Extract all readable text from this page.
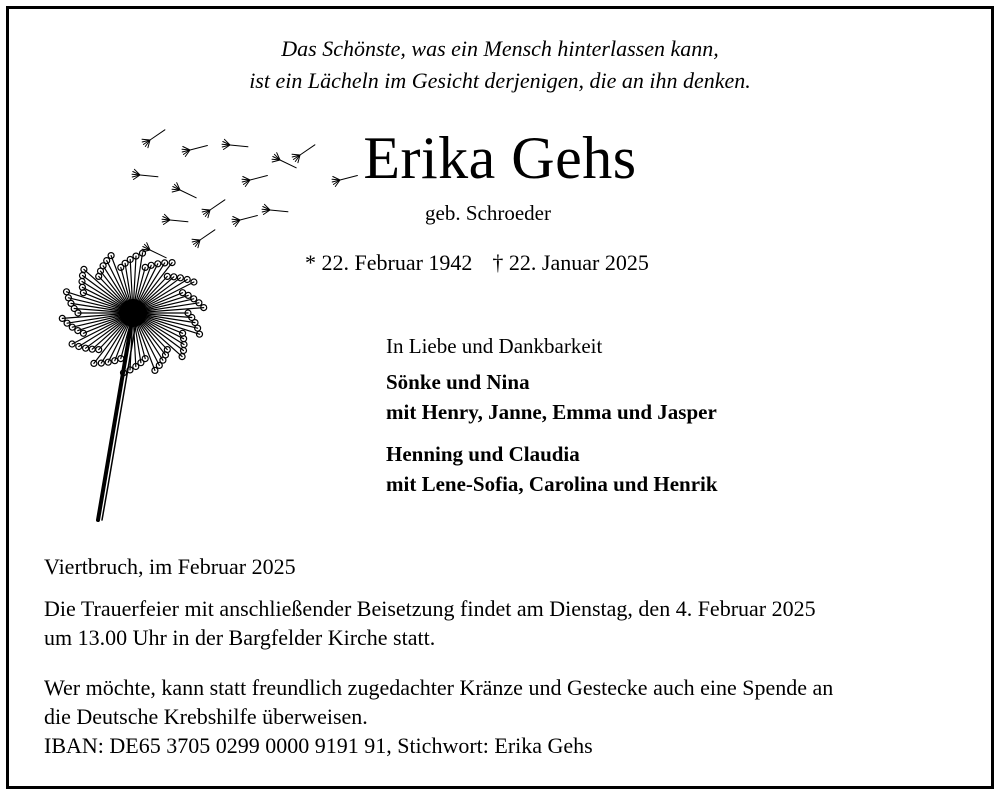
Das Schönste, was ein Mensch hinterlassen kann,
ist ein Lächeln im Gesicht derjenigen, die an ihn denken.
Erika Gehs
geb. Schroeder
* 22. Februar 1942 † 22. Januar 2025
In Liebe und Dankbarkeit
Sönke und Nina
mit Henry, Janne, Emma und Jasper
Henning und Claudia
mit Lene-Sofia, Carolina und Henrik
Viertbruch, im Februar 2025
Die Trauerfeier mit anschließender Beisetzung findet am Dienstag, den 4. Februar 2025
um 13.00 Uhr in der Bargfelder Kirche statt.
Wer möchte, kann statt freundlich zugedachter Kränze und Gestecke auch eine Spende an
die Deutsche Krebshilfe überweisen.
IBAN: DE65 3705 0299 0000 9191 91, Stichwort: Erika Gehs
